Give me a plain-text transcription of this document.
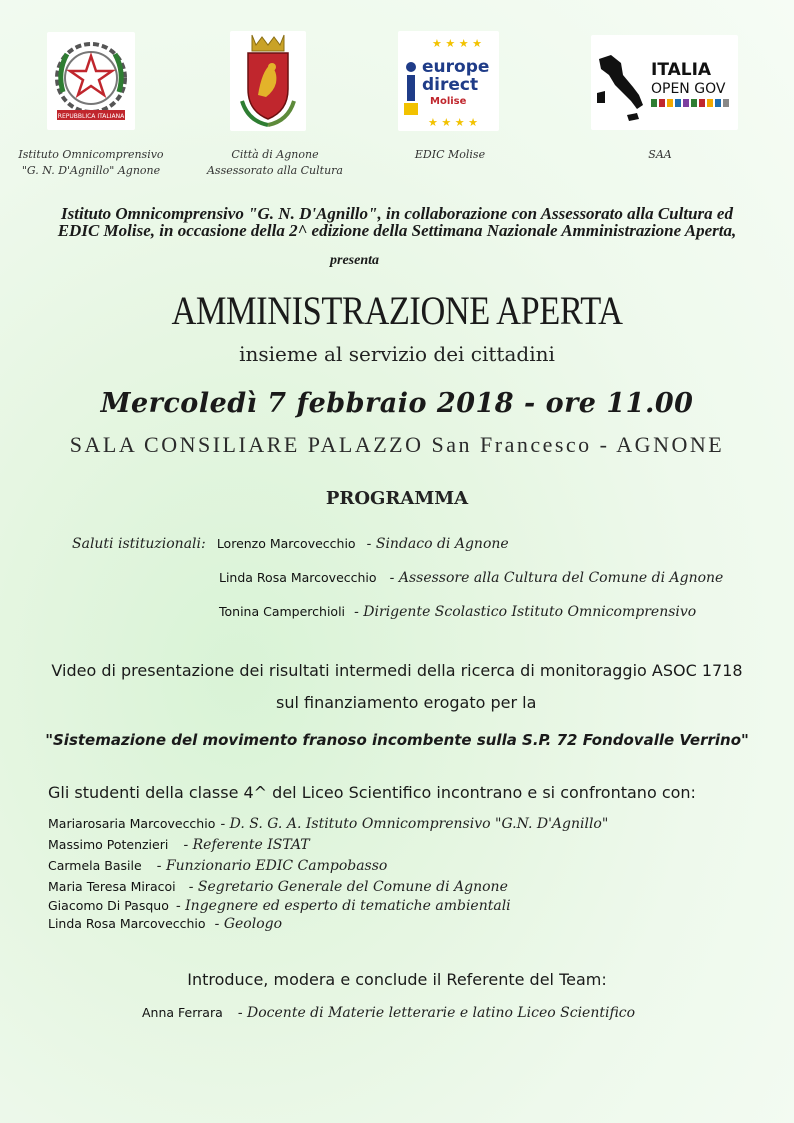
REPUBBLICA ITALIANA
★ ★ ★ ★
★ ★ ★ ★
europe
direct
Molise
ITALIA
OPEN GOV
Istituto Omnicomprensivo
"G. N. D'Agnillo" Agnone
Città di Agnone
Assessorato alla Cultura
EDIC Molise	SAA
Istituto Omnicomprensivo "G. N. D'Agnillo", in collaborazione con Assessorato alla Cultura ed
EDIC Molise, in occasione della 2^ edizione della Settimana Nazionale Amministrazione Aperta,
presenta
AMMINISTRAZIONE APERTA
insieme al servizio dei cittadini
Mercoledì 7 febbraio 2018 - ore 11.00
SALA CONSILIARE PALAZZO San Francesco - AGNONE
PROGRAMMA
Saluti istituzionali: Lorenzo Marcovecchio - Sindaco di Agnone
Linda Rosa Marcovecchio - Assessore alla Cultura del Comune di Agnone
Tonina Camperchioli - Dirigente Scolastico Istituto Omnicomprensivo
Video di presentazione dei risultati intermedi della ricerca di monitoraggio ASOC 1718
sul finanziamento erogato per la
"Sistemazione del movimento franoso incombente sulla S.P. 72 Fondovalle Verrino"
Gli studenti della classe 4^ del Liceo Scientifico incontrano e si confrontano con:
Mariarosaria Marcovecchio - D. S. G. A. Istituto Omnicomprensivo "G.N. D'Agnillo"
Massimo Potenzieri - Referente ISTAT
Carmela Basile - Funzionario EDIC Campobasso
Maria Teresa Miracoi - Segretario Generale del Comune di Agnone
Giacomo Di Pasquo - Ingegnere ed esperto di tematiche ambientali
Linda Rosa Marcovecchio - Geologo
Introduce, modera e conclude il Referente del Team:
Anna Ferrara - Docente di Materie letterarie e latino Liceo Scientifico
